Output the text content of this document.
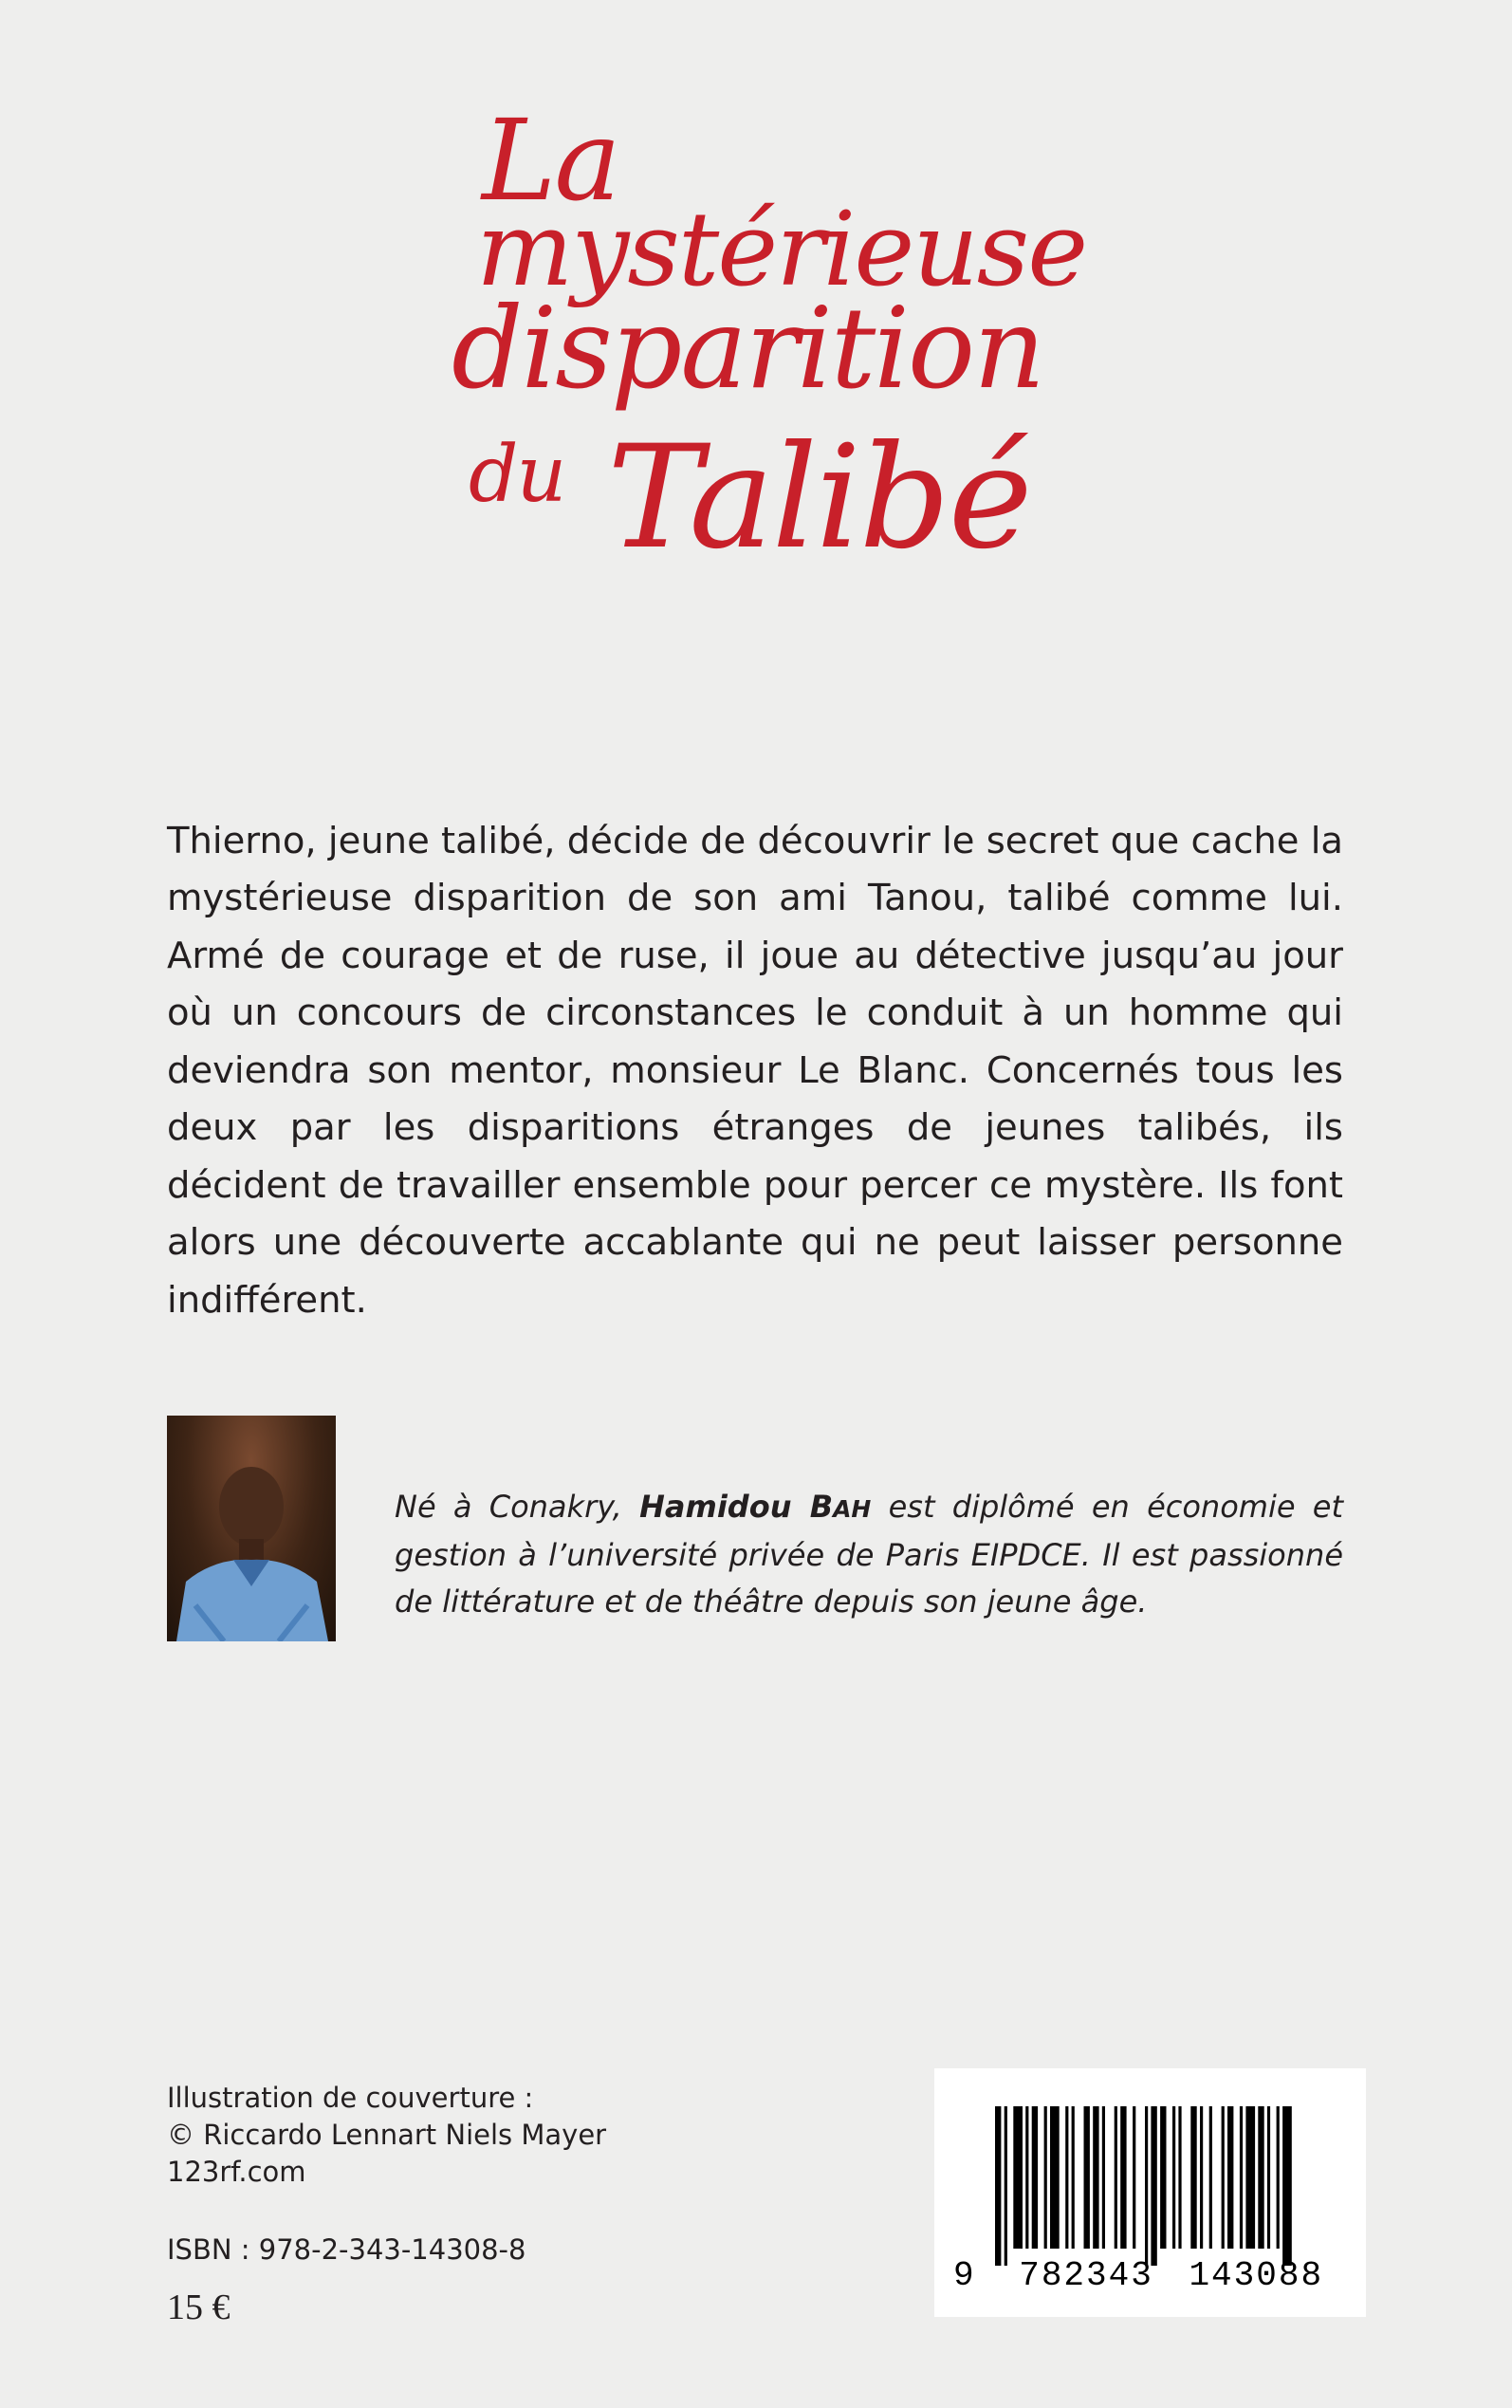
La
mystérieuse
disparition
du Talibé

Thierno, jeune talibé, décide de découvrir le secret que cache la mystérieuse disparition de son ami Tanou, talibé comme lui. Armé de courage et de ruse, il joue au détective jusqu’au jour où un concours de circonstances le conduit à un homme qui deviendra son mentor, monsieur Le Blanc. Concernés tous les deux par les disparitions étranges de jeunes talibés, ils décident de travailler ensemble pour percer ce mystère. Ils font alors une découverte accablante qui ne peut laisser personne indifférent.

Né à Conakry, Hamidou BAH est diplômé en économie et gestion à l’université privée de Paris EIPDCE. Il est passionné de littérature et de théâtre depuis son jeune âge.

Illustration de couverture :
© Riccardo Lennart Niels Mayer
123rf.com
ISBN : 978-2-343-14308-8
15 €
9 782343 143088
